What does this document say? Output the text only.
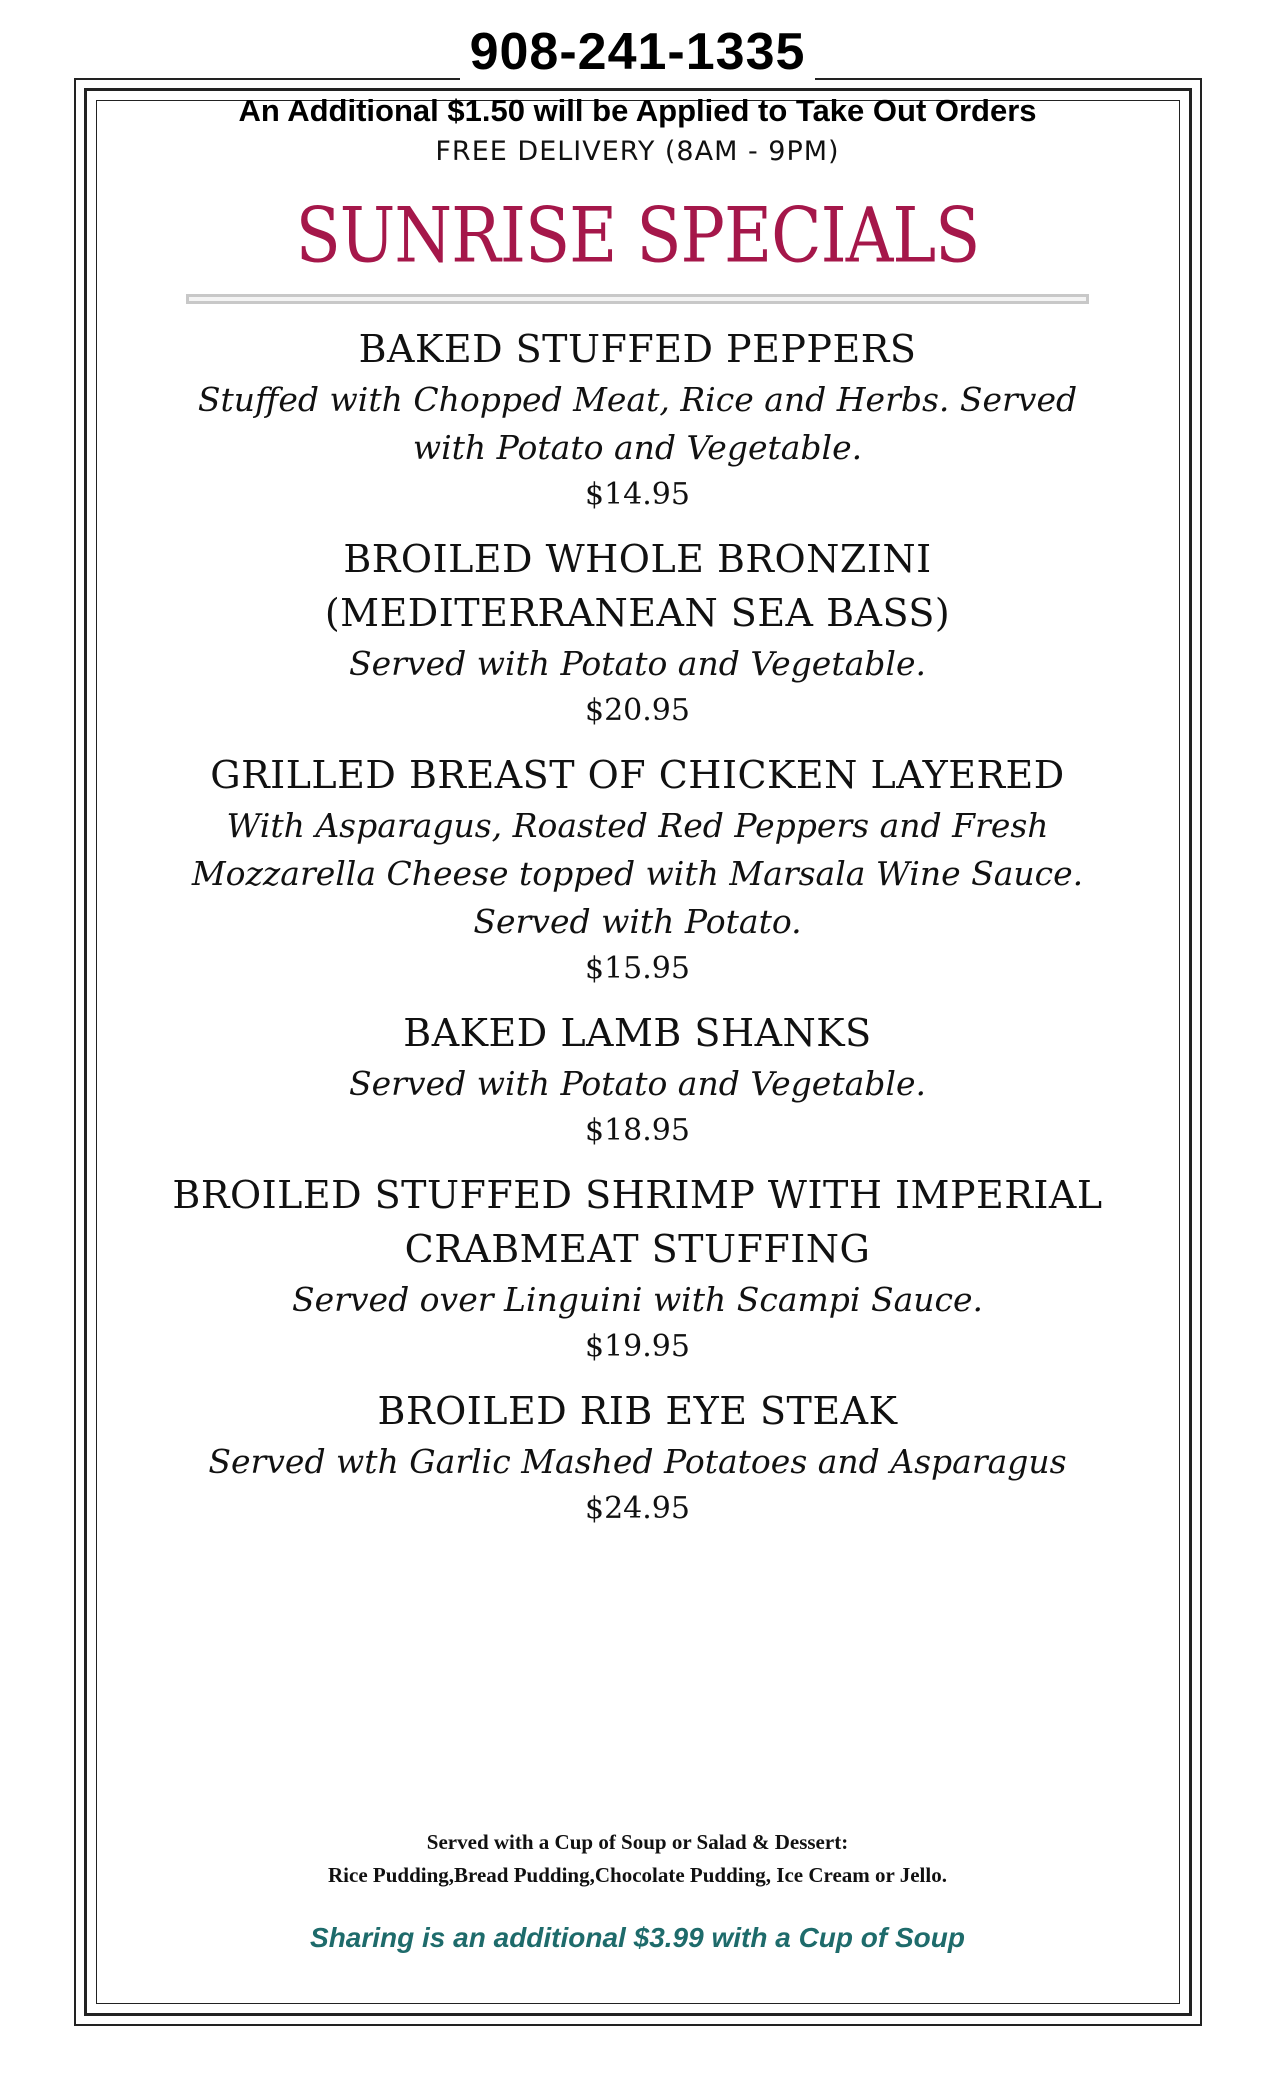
908-241-1335
An Additional $1.50 will be Applied to Take Out Orders
FREE DELIVERY (8AM - 9PM)
SUNRISE SPECIALS
BAKED STUFFED PEPPERS
Stuffed with Chopped Meat, Rice and Herbs. Served
with Potato and Vegetable.
$14.95
BROILED WHOLE BRONZINI
(MEDITERRANEAN SEA BASS)
Served with Potato and Vegetable.
$20.95
GRILLED BREAST OF CHICKEN LAYERED
With Asparagus, Roasted Red Peppers and Fresh
Mozzarella Cheese topped with Marsala Wine Sauce.
Served with Potato.
$15.95
BAKED LAMB SHANKS
Served with Potato and Vegetable.
$18.95
BROILED STUFFED SHRIMP WITH IMPERIAL
CRABMEAT STUFFING
Served over Linguini with Scampi Sauce.
$19.95
BROILED RIB EYE STEAK
Served wth Garlic Mashed Potatoes and Asparagus
$24.95
Served with a Cup of Soup or Salad & Dessert:
Rice Pudding,Bread Pudding,Chocolate Pudding, Ice Cream or Jello.
Sharing is an additional $3.99 with a Cup of Soup
